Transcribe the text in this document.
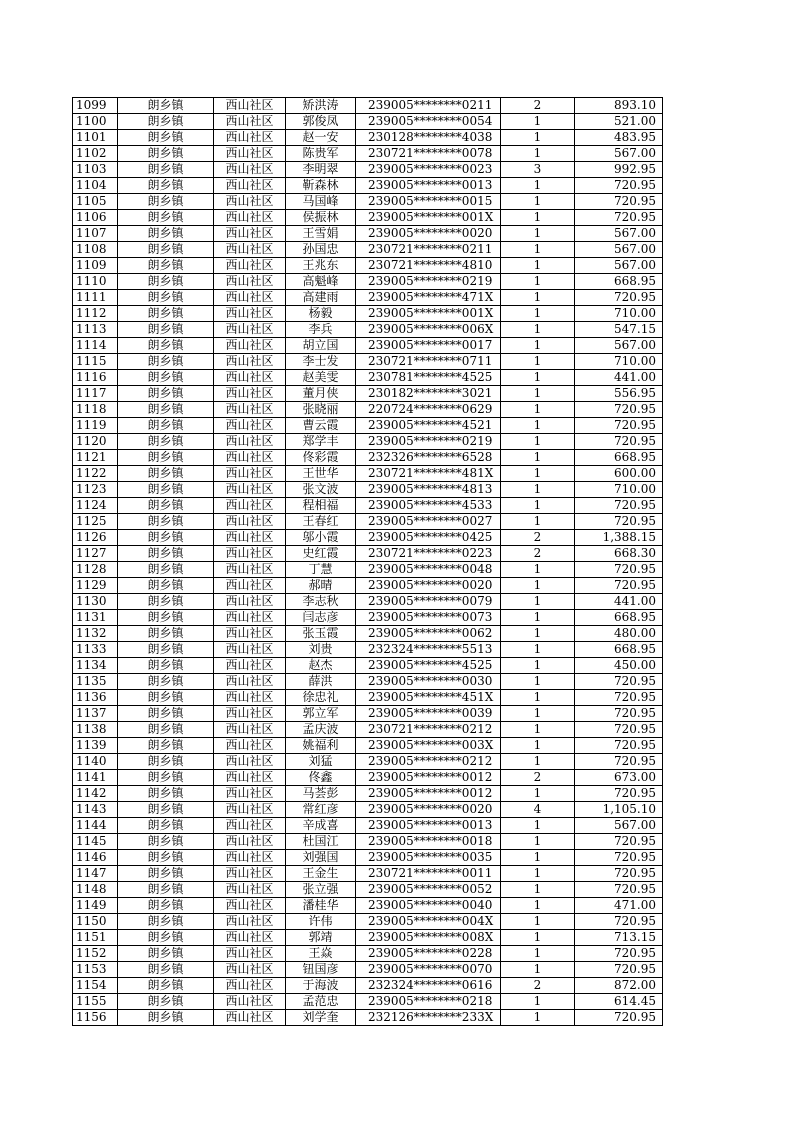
1099	朗乡镇	西山社区	矫洪涛	239005********0211	2	893.10
1100	朗乡镇	西山社区	郭俊凤	239005********0054	1	521.00
1101	朗乡镇	西山社区	赵一安	230128********4038	1	483.95
1102	朗乡镇	西山社区	陈贵军	230721********0078	1	567.00
1103	朗乡镇	西山社区	李明翠	239005********0023	3	992.95
1104	朗乡镇	西山社区	靳森林	239005********0013	1	720.95
1105	朗乡镇	西山社区	马国峰	239005********0015	1	720.95
1106	朗乡镇	西山社区	侯振林	239005********001X	1	720.95
1107	朗乡镇	西山社区	王雪娟	239005********0020	1	567.00
1108	朗乡镇	西山社区	孙国忠	230721********0211	1	567.00
1109	朗乡镇	西山社区	王兆东	230721********4810	1	567.00
1110	朗乡镇	西山社区	高魁峰	239005********0219	1	668.95
1111	朗乡镇	西山社区	高建雨	239005********471X	1	720.95
1112	朗乡镇	西山社区	杨毅	239005********001X	1	710.00
1113	朗乡镇	西山社区	李兵	239005********006X	1	547.15
1114	朗乡镇	西山社区	胡立国	239005********0017	1	567.00
1115	朗乡镇	西山社区	李士发	230721********0711	1	710.00
1116	朗乡镇	西山社区	赵美雯	230781********4525	1	441.00
1117	朗乡镇	西山社区	董月侠	230182********3021	1	556.95
1118	朗乡镇	西山社区	张晓丽	220724********0629	1	720.95
1119	朗乡镇	西山社区	曹云霞	239005********4521	1	720.95
1120	朗乡镇	西山社区	郑学丰	239005********0219	1	720.95
1121	朗乡镇	西山社区	佟彩霞	232326********6528	1	668.95
1122	朗乡镇	西山社区	王世华	230721********481X	1	600.00
1123	朗乡镇	西山社区	张文波	239005********4813	1	710.00
1124	朗乡镇	西山社区	程相福	239005********4533	1	720.95
1125	朗乡镇	西山社区	王春红	239005********0027	1	720.95
1126	朗乡镇	西山社区	邬小霞	239005********0425	2	1,388.15
1127	朗乡镇	西山社区	史红霞	230721********0223	2	668.30
1128	朗乡镇	西山社区	丁慧	239005********0048	1	720.95
1129	朗乡镇	西山社区	郝晴	239005********0020	1	720.95
1130	朗乡镇	西山社区	李志秋	239005********0079	1	441.00
1131	朗乡镇	西山社区	闫志彦	239005********0073	1	668.95
1132	朗乡镇	西山社区	张玉霞	239005********0062	1	480.00
1133	朗乡镇	西山社区	刘贵	232324********5513	1	668.95
1134	朗乡镇	西山社区	赵杰	239005********4525	1	450.00
1135	朗乡镇	西山社区	薛洪	239005********0030	1	720.95
1136	朗乡镇	西山社区	徐忠礼	239005********451X	1	720.95
1137	朗乡镇	西山社区	郭立军	239005********0039	1	720.95
1138	朗乡镇	西山社区	孟庆波	230721********0212	1	720.95
1139	朗乡镇	西山社区	姚福利	239005********003X	1	720.95
1140	朗乡镇	西山社区	刘猛	239005********0212	1	720.95
1141	朗乡镇	西山社区	佟鑫	239005********0012	2	673.00
1142	朗乡镇	西山社区	马荟彭	239005********0012	1	720.95
1143	朗乡镇	西山社区	常红彦	239005********0020	4	1,105.10
1144	朗乡镇	西山社区	辛成喜	239005********0013	1	567.00
1145	朗乡镇	西山社区	杜国江	239005********0018	1	720.95
1146	朗乡镇	西山社区	刘强国	239005********0035	1	720.95
1147	朗乡镇	西山社区	王金生	230721********0011	1	720.95
1148	朗乡镇	西山社区	张立强	239005********0052	1	720.95
1149	朗乡镇	西山社区	潘桂华	239005********0040	1	471.00
1150	朗乡镇	西山社区	许伟	239005********004X	1	720.95
1151	朗乡镇	西山社区	郭靖	239005********008X	1	713.15
1152	朗乡镇	西山社区	王焱	239005********0228	1	720.95
1153	朗乡镇	西山社区	钮国彦	239005********0070	1	720.95
1154	朗乡镇	西山社区	于海波	232324********0616	2	872.00
1155	朗乡镇	西山社区	孟范忠	239005********0218	1	614.45
1156	朗乡镇	西山社区	刘学奎	232126********233X	1	720.95
